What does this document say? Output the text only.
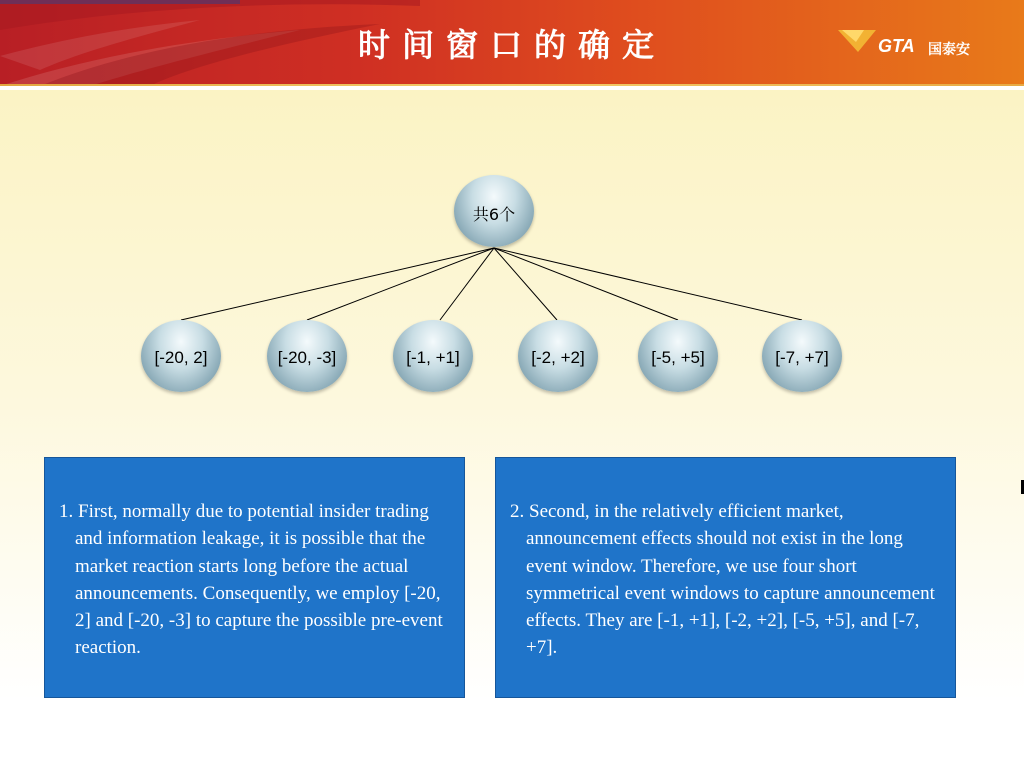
时间窗口的确定	GTA 国泰安
共6个
[-20, 2]	[-20, -3]	[-1, +1]	[-2, +2]	[-5, +5]	[-7, +7]

1. First, normally due to potential insider trading and information leakage, it is possible that the market reaction starts long before the actual announcements. Consequently, we employ [-20, 2] and [-20, -3] to capture the possible pre-event reaction.

2. Second, in the relatively efficient market, announcement effects should not exist in the long event window. Therefore, we use four short symmetrical event windows to capture announcement effects. They are [-1, +1], [-2, +2], [-5, +5], and [-7, +7].
